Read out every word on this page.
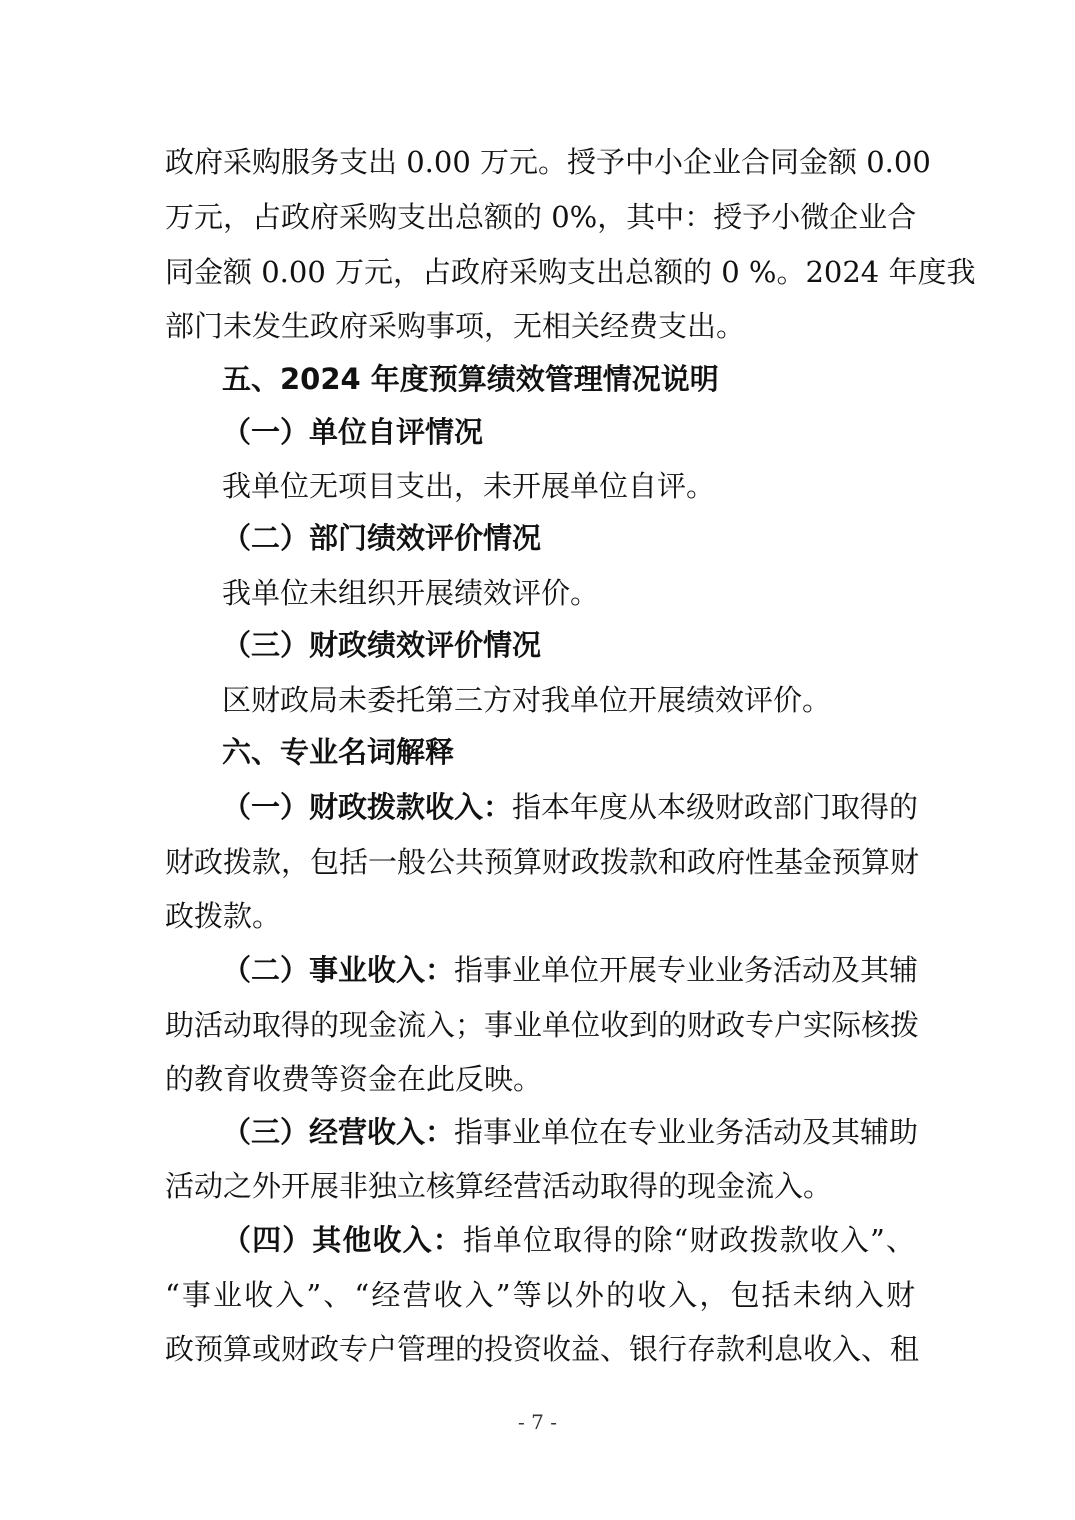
政府采购服务支出 0.00 万元。授予中小企业合同金额 0.00
万元，占政府采购支出总额的 0%，其中：授予小微企业合
同金额 0.00 万元，占政府采购支出总额的 0 %。2024 年度我
部门未发生政府采购事项，无相关经费支出。
五、2024 年度预算绩效管理情况说明
（一）单位自评情况
我单位无项目支出，未开展单位自评。
（二）部门绩效评价情况
我单位未组织开展绩效评价。
（三）财政绩效评价情况
区财政局未委托第三方对我单位开展绩效评价。
六、专业名词解释
（一）财政拨款收入：指本年度从本级财政部门取得的
财政拨款，包括一般公共预算财政拨款和政府性基金预算财
政拨款。
（二）事业收入：指事业单位开展专业业务活动及其辅
助活动取得的现金流入；事业单位收到的财政专户实际核拨
的教育收费等资金在此反映。
（三）经营收入：指事业单位在专业业务活动及其辅助
活动之外开展非独立核算经营活动取得的现金流入。
（四）其他收入：指单位取得的除“财政拨款收入”、
“事业收入”、“经营收入”等以外的收入，包括未纳入财
政预算或财政专户管理的投资收益、银行存款利息收入、租
- 7 -
